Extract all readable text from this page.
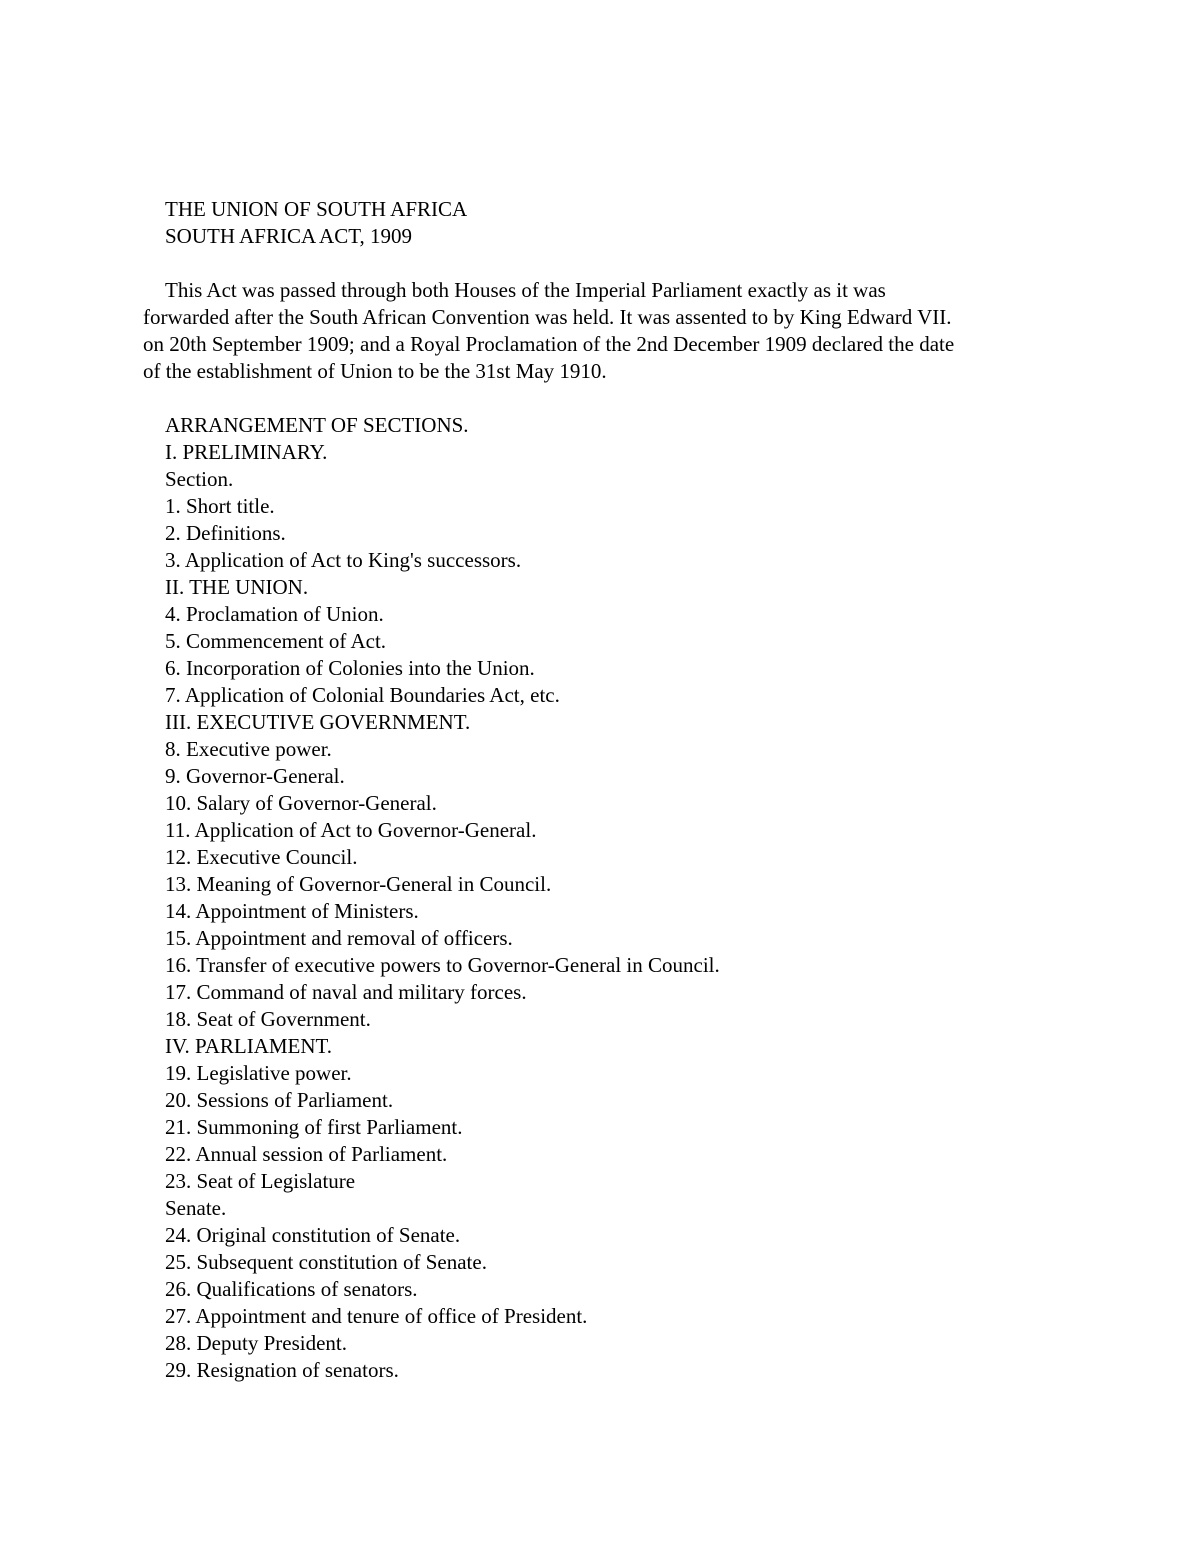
THE UNION OF SOUTH AFRICA
SOUTH AFRICA ACT, 1909
This Act was passed through both Houses of the Imperial Parliament exactly as it was
forwarded after the South African Convention was held. It was assented to by King Edward VII.
on 20th September 1909; and a Royal Proclamation of the 2nd December 1909 declared the date
of the establishment of Union to be the 31st May 1910.
ARRANGEMENT OF SECTIONS.
I. PRELIMINARY.
Section.
1. Short title.
2. Definitions.
3. Application of Act to King's successors.
II. THE UNION.
4. Proclamation of Union.
5. Commencement of Act.
6. Incorporation of Colonies into the Union.
7. Application of Colonial Boundaries Act, etc.
III. EXECUTIVE GOVERNMENT.
8. Executive power.
9. Governor-General.
10. Salary of Governor-General.
11. Application of Act to Governor-General.
12. Executive Council.
13. Meaning of Governor-General in Council.
14. Appointment of Ministers.
15. Appointment and removal of officers.
16. Transfer of executive powers to Governor-General in Council.
17. Command of naval and military forces.
18. Seat of Government.
IV. PARLIAMENT.
19. Legislative power.
20. Sessions of Parliament.
21. Summoning of first Parliament.
22. Annual session of Parliament.
23. Seat of Legislature
Senate.
24. Original constitution of Senate.
25. Subsequent constitution of Senate.
26. Qualifications of senators.
27. Appointment and tenure of office of President.
28. Deputy President.
29. Resignation of senators.
